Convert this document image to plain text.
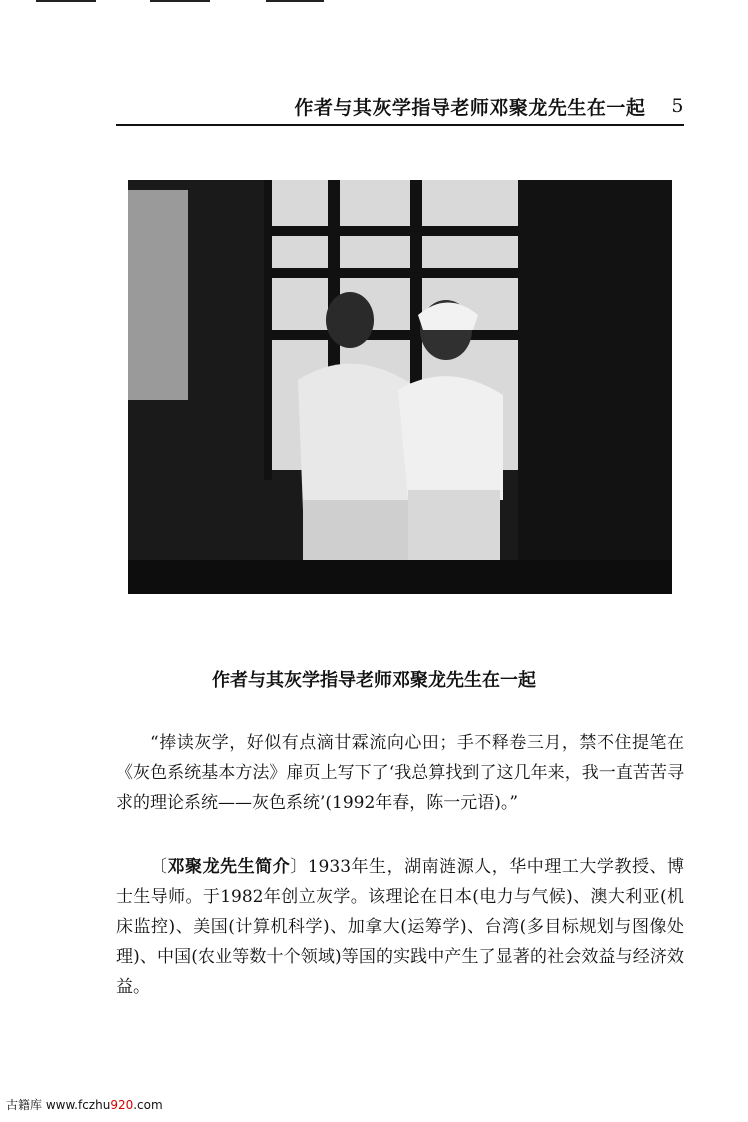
作者与其灰学指导老师邓聚龙先生在一起 5
作者与其灰学指导老师邓聚龙先生在一起
“捧读灰学，好似有点滴甘霖流向心田；手不释卷三月，禁不住提笔在《灰色系统基本方法》扉页上写下了‘我总算找到了这几年来，我一直苦苦寻求的理论系统——灰色系统’(1992年春，陈一元语)。”
〔邓聚龙先生简介〕1933年生，湖南涟源人，华中理工大学教授、博士生导师。于1982年创立灰学。该理论在日本(电力与气候)、澳大利亚(机床监控)、美国(计算机科学)、加拿大(运筹学)、台湾(多目标规划与图像处理)、中国(农业等数十个领域)等国的实践中产生了显著的社会效益与经济效益。
古籍库 www.fczhu920.com
